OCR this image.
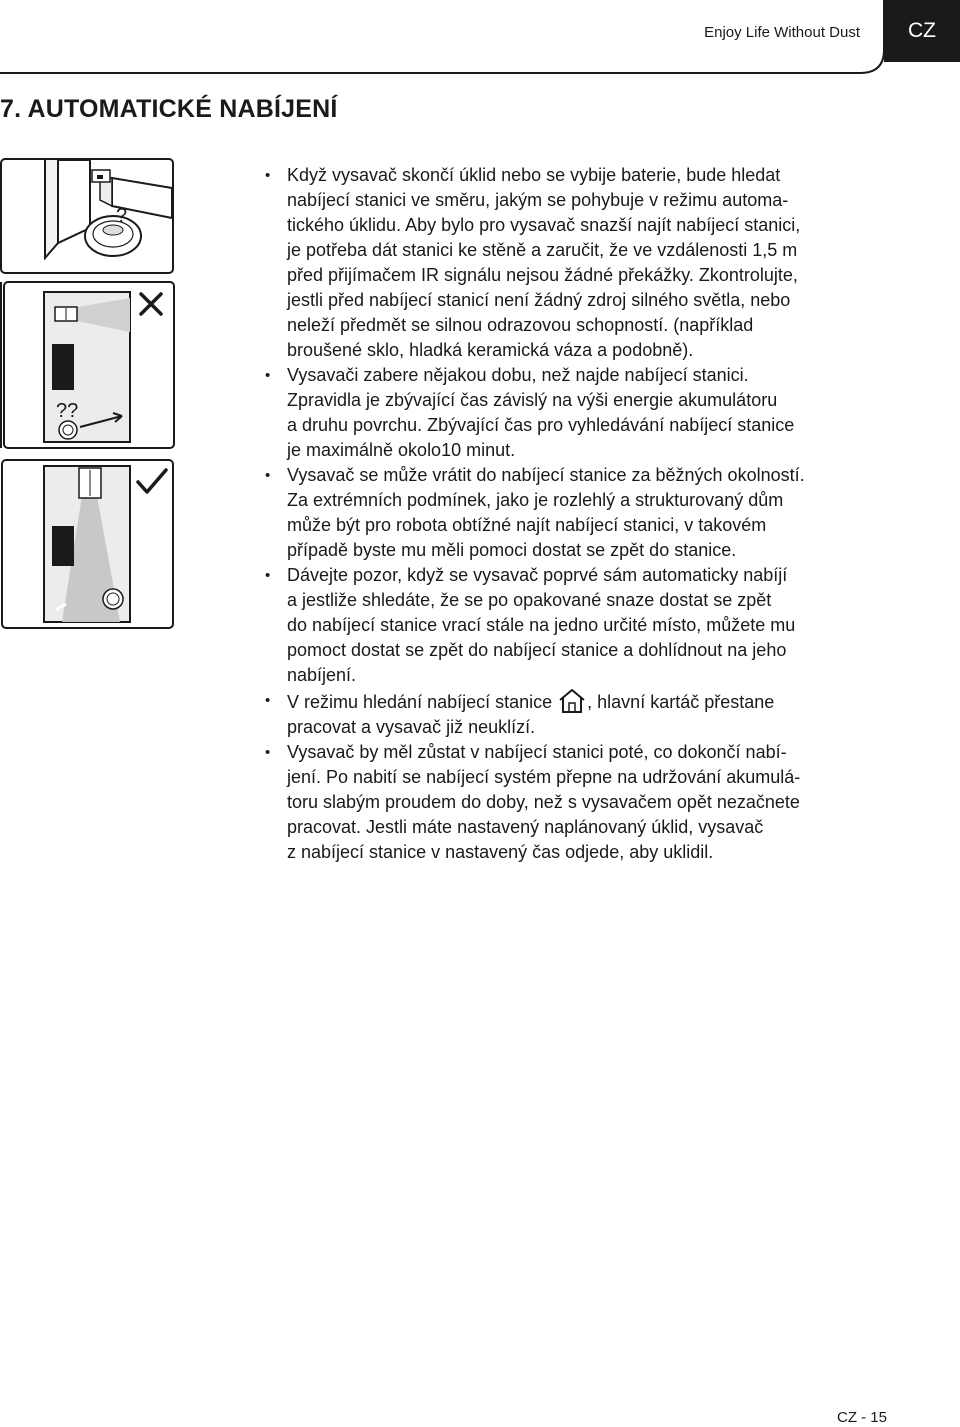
Enjoy Life Without Dust	CZ
7. AUTOMATICKÉ NABÍJENÍ
?
??
• Když vysavač skončí úklid nebo se vybije baterie, bude hledat
nabíjecí stanici ve směru, jakým se pohybuje v režimu automa-
tického úklidu. Aby bylo pro vysavač snazší najít nabíjecí stanici,
je potřeba dát stanici ke stěně a zaručit, že ve vzdálenosti 1,5 m
před přijímačem IR signálu nejsou žádné překážky. Zkontrolujte,
jestli před nabíjecí stanicí není žádný zdroj silného světla, nebo
neleží předmět se silnou odrazovou schopností. (například
broušené sklo, hladká keramická váza a podobně).
• Vysavači zabere nějakou dobu, než najde nabíjecí stanici.
Zpravidla je zbývající čas závislý na výši energie akumulátoru
a druhu povrchu. Zbývající čas pro vyhledávání nabíjecí stanice
je maximálně okolo10 minut.
• Vysavač se může vrátit do nabíjecí stanice za běžných okolností.
Za extrémních podmínek, jako je rozlehlý a strukturovaný dům
může být pro robota obtížné najít nabíjecí stanici, v takovém
případě byste mu měli pomoci dostat se zpět do stanice.
• Dávejte pozor, když se vysavač poprvé sám automaticky nabíjí
a jestliže shledáte, že se po opakované snaze dostat se zpět
do nabíjecí stanice vrací stále na jedno určité místo, můžete mu
pomoct dostat se zpět do nabíjecí stanice a dohlídnout na jeho
nabíjení.
• V režimu hledání nabíjecí stanice , hlavní kartáč přestane
pracovat a vysavač již neuklízí.
• Vysavač by měl zůstat v nabíjecí stanici poté, co dokončí nabí-
jení. Po nabití se nabíjecí systém přepne na udržování akumulá-
toru slabým proudem do doby, než s vysavačem opět nezačnete
pracovat. Jestli máte nastavený naplánovaný úklid, vysavač
z nabíjecí stanice v nastavený čas odjede, aby uklidil.
CZ - 15
